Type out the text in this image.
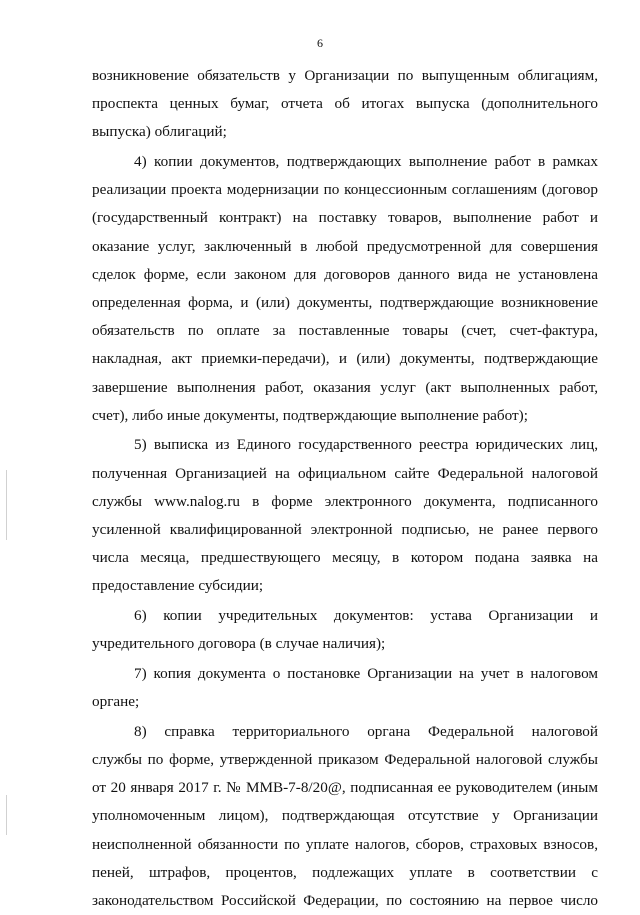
6
возникновение обязательств у Организации по выпущенным облигациям,
проспекта ценных бумаг, отчета об итогах выпуска (дополнительного
выпуска) облигаций;
4) копии документов, подтверждающих выполнение работ в рамках
реализации проекта модернизации по концессионным соглашениям (договор
(государственный контракт) на поставку товаров, выполнение работ и
оказание услуг, заключенный в любой предусмотренной для совершения
сделок форме, если законом для договоров данного вида не установлена
определенная форма, и (или) документы, подтверждающие возникновение
обязательств по оплате за поставленные товары (счет, счет-фактура,
накладная, акт приемки-передачи), и (или) документы, подтверждающие
завершение выполнения работ, оказания услуг (акт выполненных работ,
счет), либо иные документы, подтверждающие выполнение работ);
5) выписка из Единого государственного реестра юридических лиц,
полученная Организацией на официальном сайте Федеральной налоговой
службы www.nalog.ru в форме электронного документа, подписанного
усиленной квалифицированной электронной подписью, не ранее первого
числа месяца, предшествующего месяцу, в котором подана заявка на
предоставление субсидии;
6) копии учредительных документов: устава Организации и
учредительного договора (в случае наличия);
7) копия документа о постановке Организации на учет в налоговом
органе;
8) справка территориального органа Федеральной налоговой
службы по форме, утвержденной приказом Федеральной налоговой службы
от 20 января 2017 г. № ММВ-7-8/20@, подписанная ее руководителем (иным
уполномоченным лицом), подтверждающая отсутствие у Организации
неисполненной обязанности по уплате налогов, сборов, страховых взносов,
пеней, штрафов, процентов, подлежащих уплате в соответствии с
законодательством Российской Федерации, по состоянию на первое число
